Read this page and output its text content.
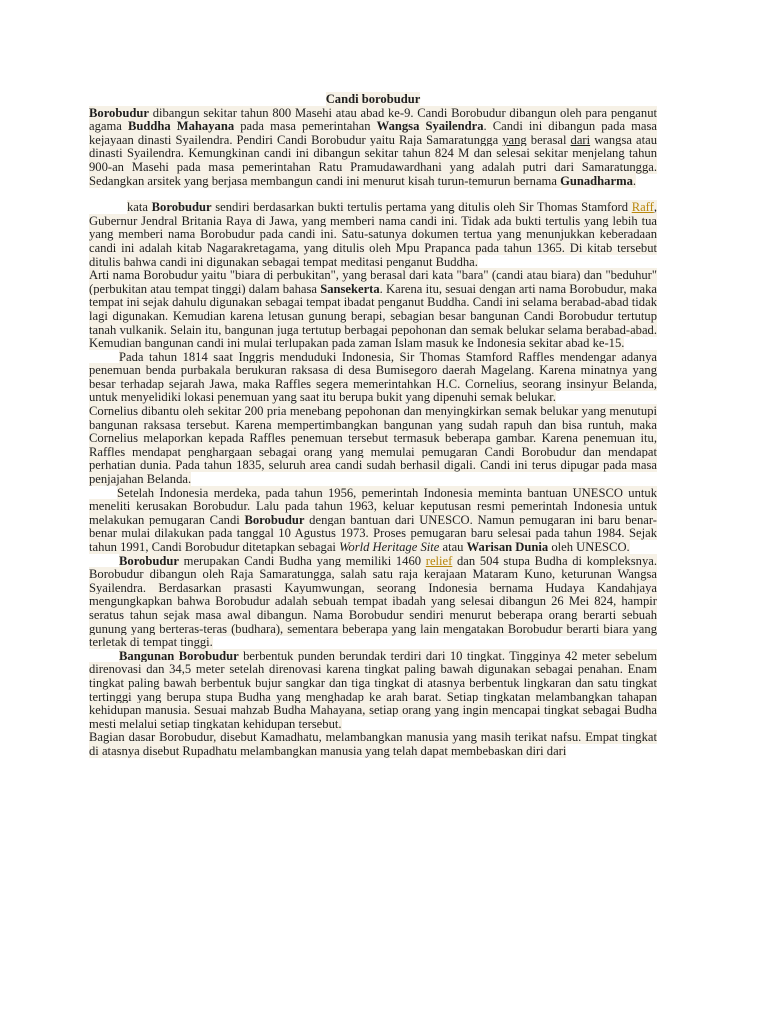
Candi borobudur

Borobudur dibangun sekitar tahun 800 Masehi atau abad ke-9. Candi Borobudur dibangun oleh para penganut agama Buddha Mahayana pada masa pemerintahan Wangsa Syailendra. Candi ini dibangun pada masa kejayaan dinasti Syailendra. Pendiri Candi Borobudur yaitu Raja Samaratungga yang berasal dari wangsa atau dinasti Syailendra. Kemungkinan candi ini dibangun sekitar tahun 824 M dan selesai sekitar menjelang tahun 900-an Masehi pada masa pemerintahan Ratu Pramudawardhani yang adalah putri dari Samaratungga. Sedangkan arsitek yang berjasa membangun candi ini menurut kisah turun-temurun bernama Gunadharma.

kata Borobudur sendiri berdasarkan bukti tertulis pertama yang ditulis oleh Sir Thomas Stamford Raff, Gubernur Jendral Britania Raya di Jawa, yang memberi nama candi ini. Tidak ada bukti tertulis yang lebih tua yang memberi nama Borobudur pada candi ini. Satu-satunya dokumen tertua yang menunjukkan keberadaan candi ini adalah kitab Nagarakretagama, yang ditulis oleh Mpu Prapanca pada tahun 1365. Di kitab tersebut ditulis bahwa candi ini digunakan sebagai tempat meditasi penganut Buddha.

Arti nama Borobudur yaitu "biara di perbukitan", yang berasal dari kata "bara" (candi atau biara) dan "beduhur" (perbukitan atau tempat tinggi) dalam bahasa Sansekerta. Karena itu, sesuai dengan arti nama Borobudur, maka tempat ini sejak dahulu digunakan sebagai tempat ibadat penganut Buddha. Candi ini selama berabad-abad tidak lagi digunakan. Kemudian karena letusan gunung berapi, sebagian besar bangunan Candi Borobudur tertutup tanah vulkanik. Selain itu, bangunan juga tertutup berbagai pepohonan dan semak belukar selama berabad-abad. Kemudian bangunan candi ini mulai terlupakan pada zaman Islam masuk ke Indonesia sekitar abad ke-15.

Pada tahun 1814 saat Inggris menduduki Indonesia, Sir Thomas Stamford Raffles mendengar adanya penemuan benda purbakala berukuran raksasa di desa Bumisegoro daerah Magelang. Karena minatnya yang besar terhadap sejarah Jawa, maka Raffles segera memerintahkan H.C. Cornelius, seorang insinyur Belanda, untuk menyelidiki lokasi penemuan yang saat itu berupa bukit yang dipenuhi semak belukar.

Cornelius dibantu oleh sekitar 200 pria menebang pepohonan dan menyingkirkan semak belukar yang menutupi bangunan raksasa tersebut. Karena mempertimbangkan bangunan yang sudah rapuh dan bisa runtuh, maka Cornelius melaporkan kepada Raffles penemuan tersebut termasuk beberapa gambar. Karena penemuan itu, Raffles mendapat penghargaan sebagai orang yang memulai pemugaran Candi Borobudur dan mendapat perhatian dunia. Pada tahun 1835, seluruh area candi sudah berhasil digali. Candi ini terus dipugar pada masa penjajahan Belanda.

Setelah Indonesia merdeka, pada tahun 1956, pemerintah Indonesia meminta bantuan UNESCO untuk meneliti kerusakan Borobudur. Lalu pada tahun 1963, keluar keputusan resmi pemerintah Indonesia untuk melakukan pemugaran Candi Borobudur dengan bantuan dari UNESCO. Namun pemugaran ini baru benar-benar mulai dilakukan pada tanggal 10 Agustus 1973. Proses pemugaran baru selesai pada tahun 1984. Sejak tahun 1991, Candi Borobudur ditetapkan sebagai World Heritage Site atau Warisan Dunia oleh UNESCO.

Borobudur merupakan Candi Budha yang memiliki 1460 relief dan 504 stupa Budha di kompleksnya. Borobudur dibangun oleh Raja Samaratungga, salah satu raja kerajaan Mataram Kuno, keturunan Wangsa Syailendra. Berdasarkan prasasti Kayumwungan, seorang Indonesia bernama Hudaya Kandahjaya mengungkapkan bahwa Borobudur adalah sebuah tempat ibadah yang selesai dibangun 26 Mei 824, hampir seratus tahun sejak masa awal dibangun. Nama Borobudur sendiri menurut beberapa orang berarti sebuah gunung yang berteras-teras (budhara), sementara beberapa yang lain mengatakan Borobudur berarti biara yang terletak di tempat tinggi.

Bangunan Borobudur berbentuk punden berundak terdiri dari 10 tingkat. Tingginya 42 meter sebelum direnovasi dan 34,5 meter setelah direnovasi karena tingkat paling bawah digunakan sebagai penahan. Enam tingkat paling bawah berbentuk bujur sangkar dan tiga tingkat di atasnya berbentuk lingkaran dan satu tingkat tertinggi yang berupa stupa Budha yang menghadap ke arah barat. Setiap tingkatan melambangkan tahapan kehidupan manusia. Sesuai mahzab Budha Mahayana, setiap orang yang ingin mencapai tingkat sebagai Budha mesti melalui setiap tingkatan kehidupan tersebut.

Bagian dasar Borobudur, disebut Kamadhatu, melambangkan manusia yang masih terikat nafsu. Empat tingkat di atasnya disebut Rupadhatu melambangkan manusia yang telah dapat membebaskan diri dari
